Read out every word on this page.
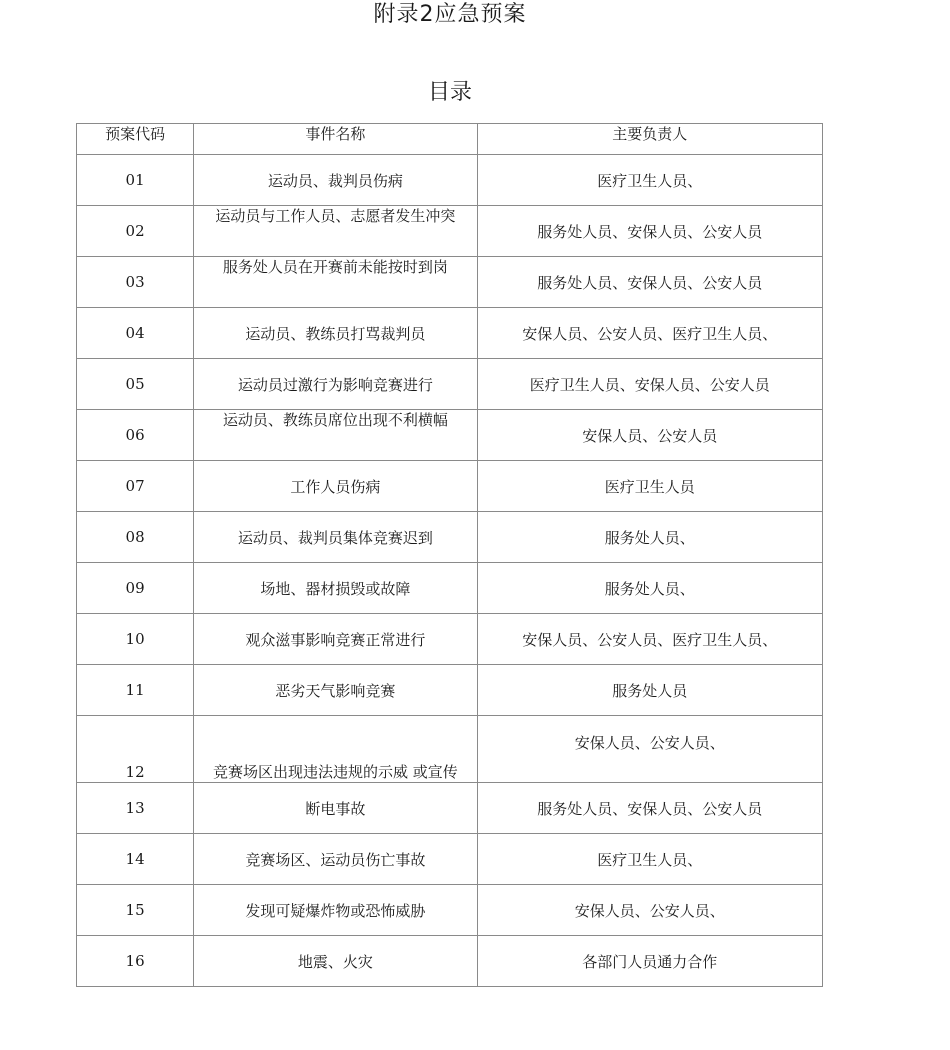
附录2应急预案
目录
预案代码	事件名称	主要负责人
01	运动员、裁判员伤病	医疗卫生人员、
02	运动员与工作人员、志愿者发生冲突	服务处人员、安保人员、公安人员
03	服务处人员在开赛前未能按时到岗	服务处人员、安保人员、公安人员
04	运动员、教练员打骂裁判员	安保人员、公安人员、医疗卫生人员、
05	运动员过激行为影响竞赛进行	医疗卫生人员、安保人员、公安人员
06	运动员、教练员席位出现不利横幅	安保人员、公安人员
07	工作人员伤病	医疗卫生人员
08	运动员、裁判员集体竞赛迟到	服务处人员、
09	场地、器材损毁或故障	服务处人员、
10	观众滋事影响竞赛正常进行	安保人员、公安人员、医疗卫生人员、
11	恶劣天气影响竞赛	服务处人员
12	竞赛场区出现违法违规的示威 或宣传	安保人员、公安人员、
13	断电事故	服务处人员、安保人员、公安人员
14	竞赛场区、运动员伤亡事故	医疗卫生人员、
15	发现可疑爆炸物或恐怖威胁	安保人员、公安人员、
16	地震、火灾	各部门人员通力合作
